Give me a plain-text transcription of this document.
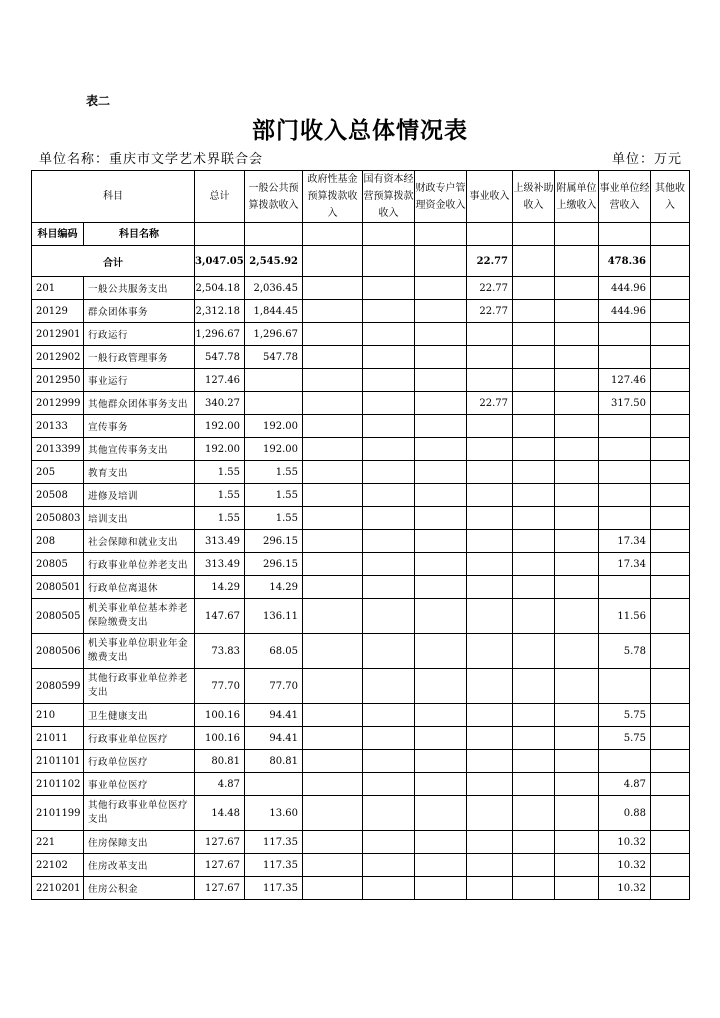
表二
部门收入总体情况表
单位名称：重庆市文学艺术界联合会	单位：万元
科目		总计	一般公共预算拨款收入	政府性基金预算拨款收入	国有资本经营预算拨款收入	财政专户管理资金收入	事业收入	上级补助收入	附属单位上缴收入	事业单位经营收入	其他收入
科目编码	科目名称										
合计		3,047.05	2,545.92				22.77			478.36	
201	一般公共服务支出	2,504.18	2,036.45				22.77			444.96	
20129	群众团体事务	2,312.18	1,844.45				22.77			444.96	
2012901	行政运行	1,296.67	1,296.67								
2012902	一般行政管理事务	547.78	547.78								
2012950	事业运行	127.46								127.46	
2012999	其他群众团体事务支出	340.27					22.77			317.50	
20133	宣传事务	192.00	192.00								
2013399	其他宣传事务支出	192.00	192.00								
205	教育支出	1.55	1.55								
20508	进修及培训	1.55	1.55								
2050803	培训支出	1.55	1.55								
208	社会保障和就业支出	313.49	296.15							17.34	
20805	行政事业单位养老支出	313.49	296.15							17.34	
2080501	行政单位离退休	14.29	14.29								
2080505	机关事业单位基本养老保险缴费支出	147.67	136.11							11.56	
2080506	机关事业单位职业年金缴费支出	73.83	68.05							5.78	
2080599	其他行政事业单位养老支出	77.70	77.70								
210	卫生健康支出	100.16	94.41							5.75	
21011	行政事业单位医疗	100.16	94.41							5.75	
2101101	行政单位医疗	80.81	80.81								
2101102	事业单位医疗	4.87								4.87	
2101199	其他行政事业单位医疗支出	14.48	13.60							0.88	
221	住房保障支出	127.67	117.35							10.32	
22102	住房改革支出	127.67	117.35							10.32	
2210201	住房公积金	127.67	117.35							10.32	
